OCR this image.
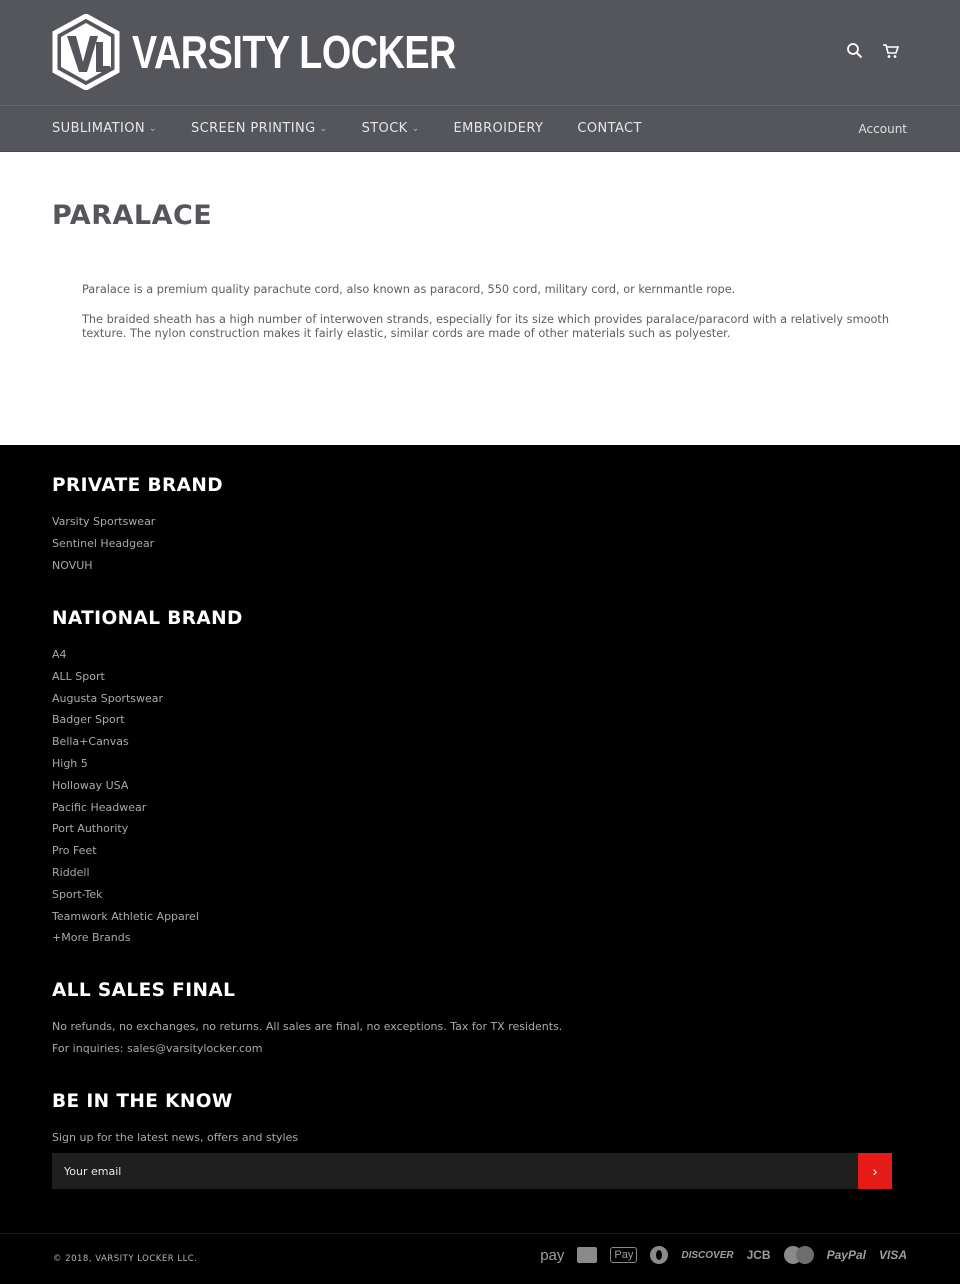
VARSITY LOCKER
SUBLIMATION ⌄	SCREEN PRINTING ⌄	STOCK ⌄	EMBROIDERY	CONTACT	Account
PARALACE

Paralace is a premium quality parachute cord, also known as paracord, 550 cord, military cord, or kernmantle rope.

The braided sheath has a high number of interwoven strands, especially for its size which provides paralace/paracord with a relatively smooth texture. The nylon construction makes it fairly elastic, similar cords are made of other materials such as polyester.

PRIVATE BRAND
Varsity Sportswear
Sentinel Headgear
NOVUH
NATIONAL BRAND
A4
ALL Sport
Augusta Sportswear
Badger Sport
Bella+Canvas
High 5
Holloway USA
Pacific Headwear
Port Authority
Pro Feet
Riddell
Sport-Tek
Teamwork Athletic Apparel
+More Brands
ALL SALES FINAL
No refunds, no exchanges, no returns. All sales are final, no exceptions. Tax for TX residents.
For inquiries: sales@varsitylocker.com
BE IN THE KNOW
Sign up for the latest news, offers and styles
Your email
›
© 2018, VARSITY LOCKER LLC.	pay	Pay	DISCOVER JCB	PayPal VISA
